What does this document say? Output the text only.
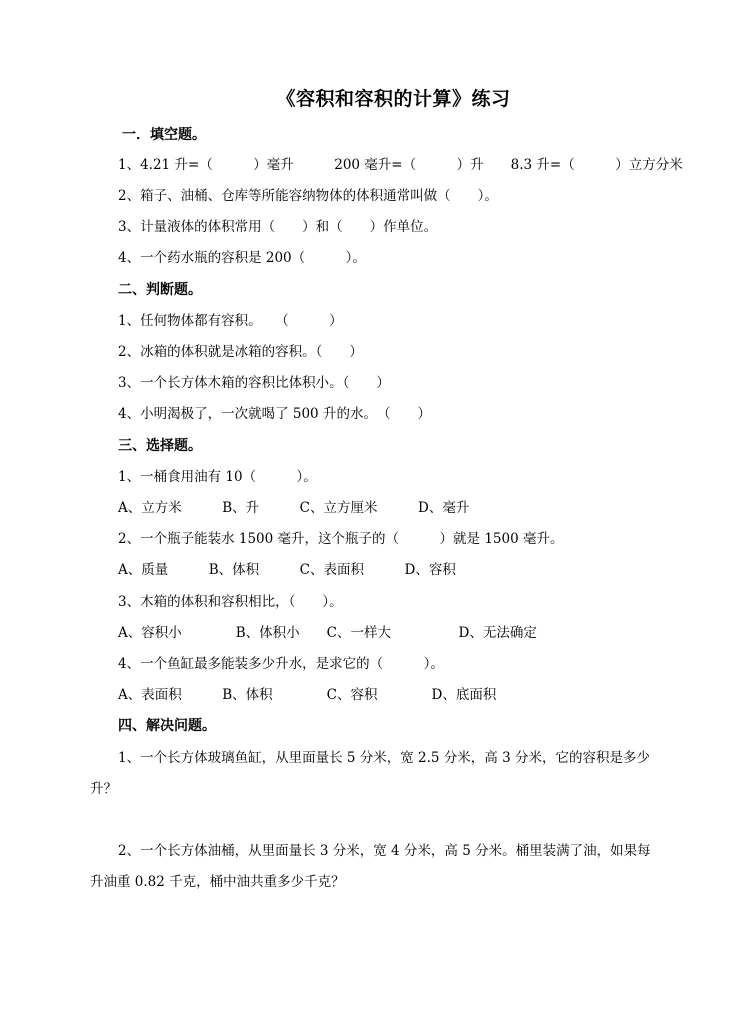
《容积和容积的计算》练习
一．填空题。
1、4.21 升=（　　　）毫升　　　200 毫升=（　　　）升　　8.3 升=（　　　）立方分米
2、箱子、油桶、仓库等所能容纳物体的体积通常叫做（　　）。
3、计量液体的体积常用（　　）和（　　）作单位。
4、一个药水瓶的容积是 200（　　　）。
二、判断题。
1、任何物体都有容积。　　（　　　）
2、冰箱的体积就是冰箱的容积。（　　）
3、一个长方体木箱的容积比体积小。（　　）
4、小明渴极了，一次就喝了 500 升的水。　（　　）
三、选择题。
1、一桶食用油有 10（　　　）。
A、立方米　　　B、升　　　C、立方厘米　　　D、毫升
2、一个瓶子能装水 1500 毫升，这个瓶子的（　　　）就是 1500 毫升。
A、质量　　　B、体积　　　C、表面积　　　D、容积
3、木箱的体积和容积相比，（　　）。
A、容积小　　　　B、体积小　　C、一样大　　　　　D、无法确定
4、一个鱼缸最多能装多少升水，是求它的（　　　）。
A、表面积　　　B、体积　　　　C、容积　　　　D、底面积
四、解决问题。
1、一个长方体玻璃鱼缸，从里面量长 5 分米，宽 2.5 分米，高 3 分米，它的容积是多少
升？
2、一个长方体油桶，从里面量长 3 分米，宽 4 分米，高 5 分米。桶里装满了油，如果每
升油重 0.82 千克，桶中油共重多少千克？
